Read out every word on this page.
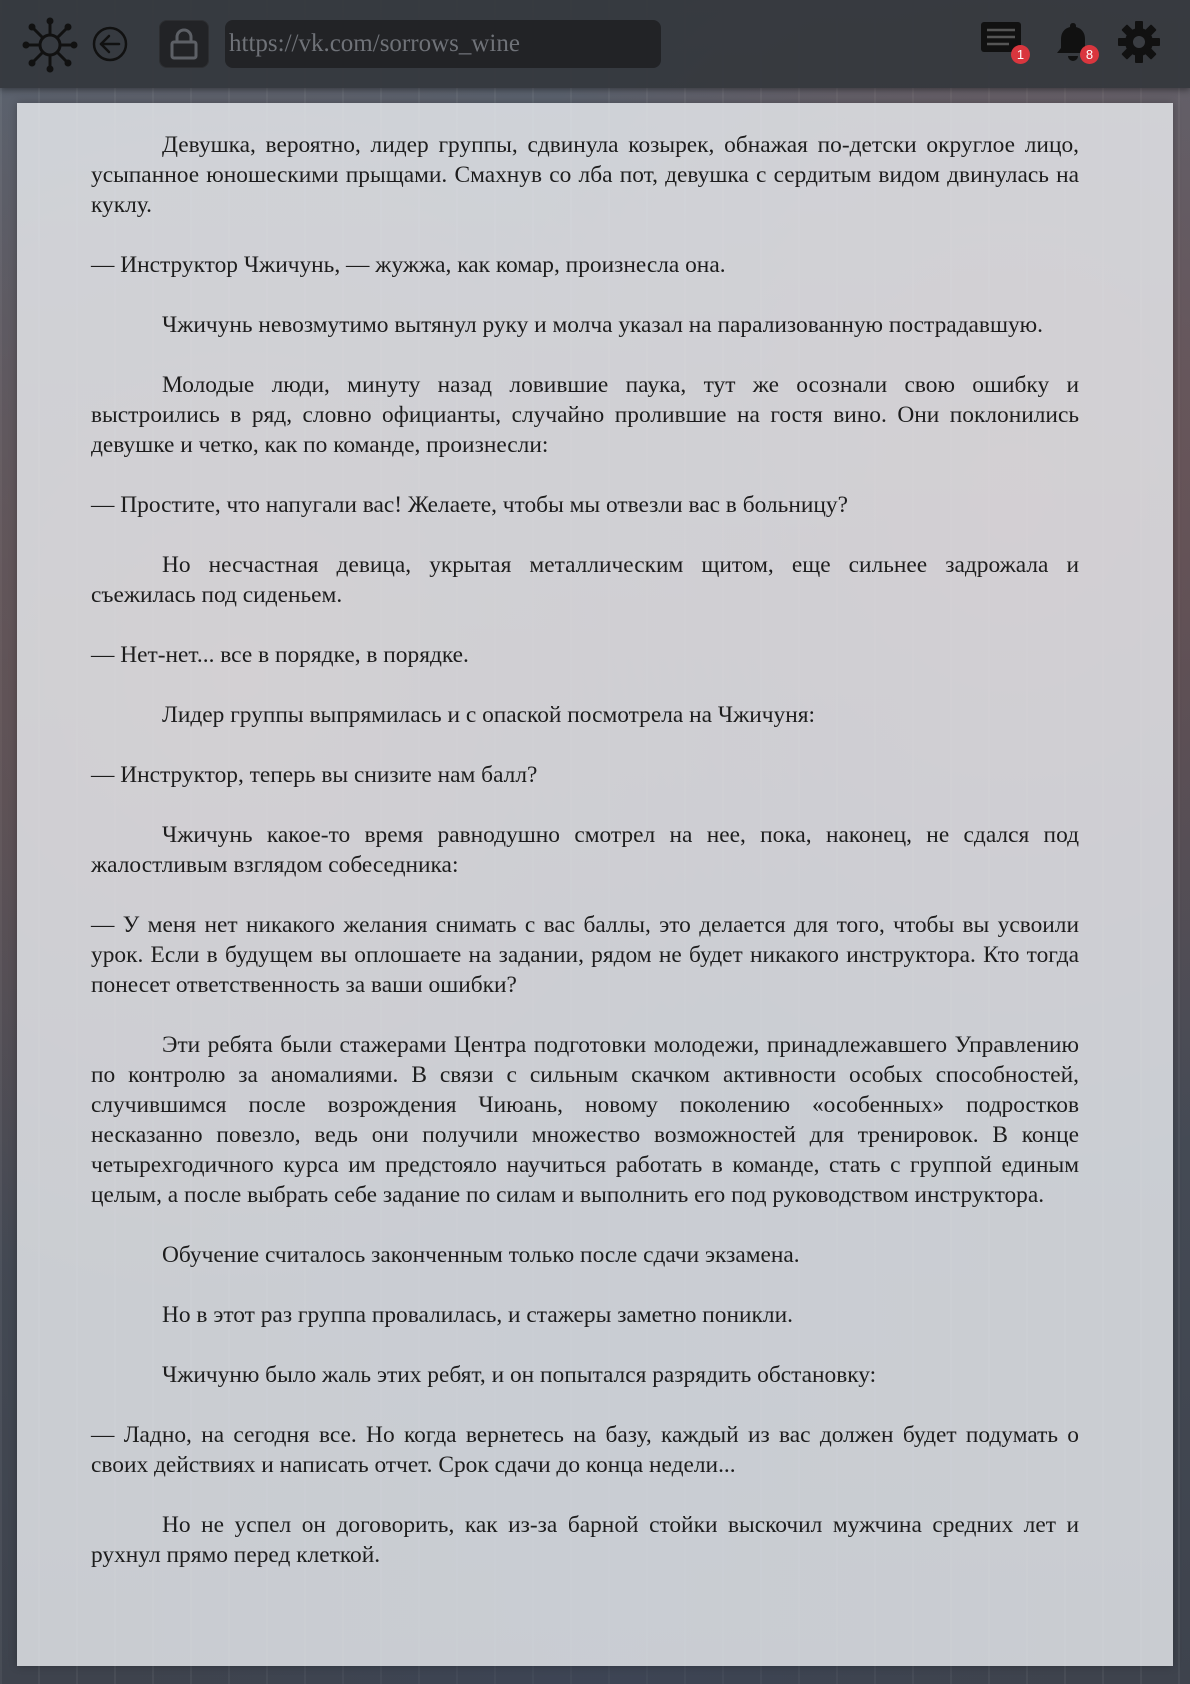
https://vk.com/sorrows_wine	1	8

Девушка, вероятно, лидер группы, сдвинула козырек, обнажая по-детски округлое лицо, усыпанное юношескими прыщами. Смахнув со лба пот, девушка с сердитым видом двинулась на куклу.

— Инструктор Чжичунь, — жужжа, как комар, произнесла она.

Чжичунь невозмутимо вытянул руку и молча указал на парализованную пострадавшую.

Молодые люди, минуту назад ловившие паука, тут же осознали свою ошибку и выстроились в ряд, словно официанты, случайно пролившие на гостя вино. Они поклонились девушке и четко, как по команде, произнесли:

— Простите, что напугали вас! Желаете, чтобы мы отвезли вас в больницу?

Но несчастная девица, укрытая металлическим щитом, еще сильнее задрожала и съежилась под сиденьем.

— Нет-нет... все в порядке, в порядке.

Лидер группы выпрямилась и с опаской посмотрела на Чжичуня:

— Инструктор, теперь вы снизите нам балл?

Чжичунь какое-то время равнодушно смотрел на нее, пока, наконец, не сдался под жалостливым взглядом собеседника:

— У меня нет никакого желания снимать с вас баллы, это делается для того, чтобы вы усвоили урок. Если в будущем вы оплошаете на задании, рядом не будет никакого инструктора. Кто тогда понесет ответственность за ваши ошибки?

Эти ребята были стажерами Центра подготовки молодежи, принадлежавшего Управлению по контролю за аномалиями. В связи с сильным скачком активности особых способностей, случившимся после возрождения Чиюань, новому поколению «особенных» подростков несказанно повезло, ведь они получили множество возможностей для тренировок. В конце четырехгодичного курса им предстояло научиться работать в команде, стать с группой единым целым, а после выбрать себе задание по силам и выполнить его под руководством инструктора.

Обучение считалось законченным только после сдачи экзамена.

Но в этот раз группа провалилась, и стажеры заметно поникли.

Чжичуню было жаль этих ребят, и он попытался разрядить обстановку:

— Ладно, на сегодня все. Но когда вернетесь на базу, каждый из вас должен будет подумать о своих действиях и написать отчет. Срок сдачи до конца недели...

Но не успел он договорить, как из-за барной стойки выскочил мужчина средних лет и рухнул прямо перед клеткой.
